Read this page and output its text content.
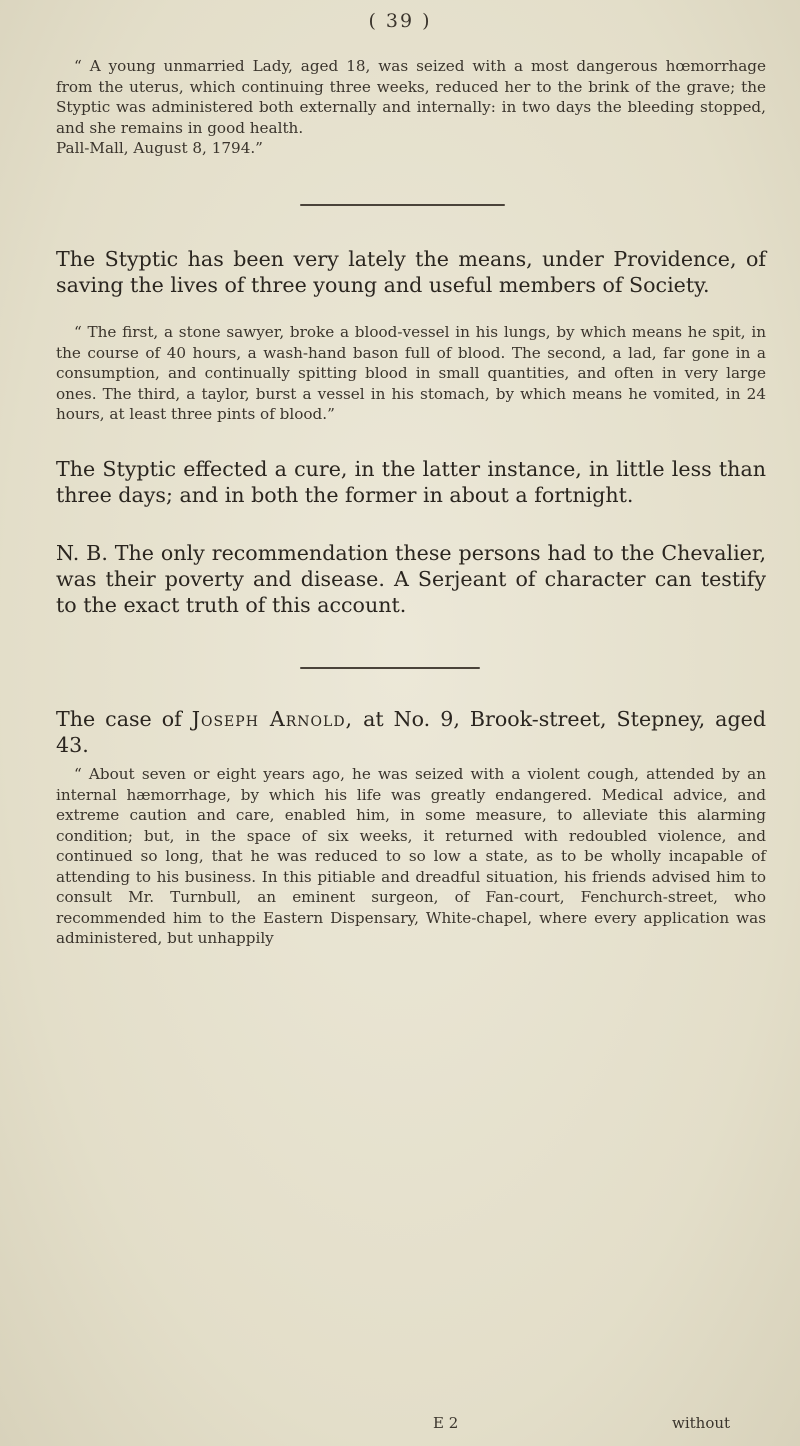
( 39 )

“ A young unmarried Lady, aged 18, was seized with a most dangerous hœmorrhage from the uterus, which continuing three weeks, reduced her to the brink of the grave; the Styptic was administered both externally and internally: in two days the bleeding stopped, and she remains in good health.

Pall-Mall, August 8, 1794.”

The Styptic has been very lately the means, under Providence, of saving the lives of three young and useful members of Society.

“ The first, a stone sawyer, broke a blood-vessel in his lungs, by which means he spit, in the course of 40 hours, a wash-hand bason full of blood. The second, a lad, far gone in a consumption, and continually spitting blood in small quantities, and often in very large ones. The third, a taylor, burst a vessel in his stomach, by which means he vomited, in 24 hours, at least three pints of blood.”

The Styptic effected a cure, in the latter instance, in little less than three days; and in both the former in about a fortnight.

N. B. The only recommendation these persons had to the Chevalier, was their poverty and disease. A Serjeant of character can testify to the exact truth of this account.

The case of Joseph Arnold, at No. 9, Brook-street, Stepney, aged 43.

“ About seven or eight years ago, he was seized with a violent cough, attended by an internal hæmorrhage, by which his life was greatly endangered. Medical advice, and extreme caution and care, enabled him, in some measure, to alleviate this alarming condition; but, in the space of six weeks, it returned with redoubled violence, and continued so long, that he was reduced to so low a state, as to be wholly incapable of attending to his business. In this pitiable and dreadful situation, his friends advised him to consult Mr. Turnbull, an eminent surgeon, of Fan-court, Fenchurch-street, who recommended him to the Eastern Dispensary, White-chapel, where every application was administered, but unhappily

E 2	without
